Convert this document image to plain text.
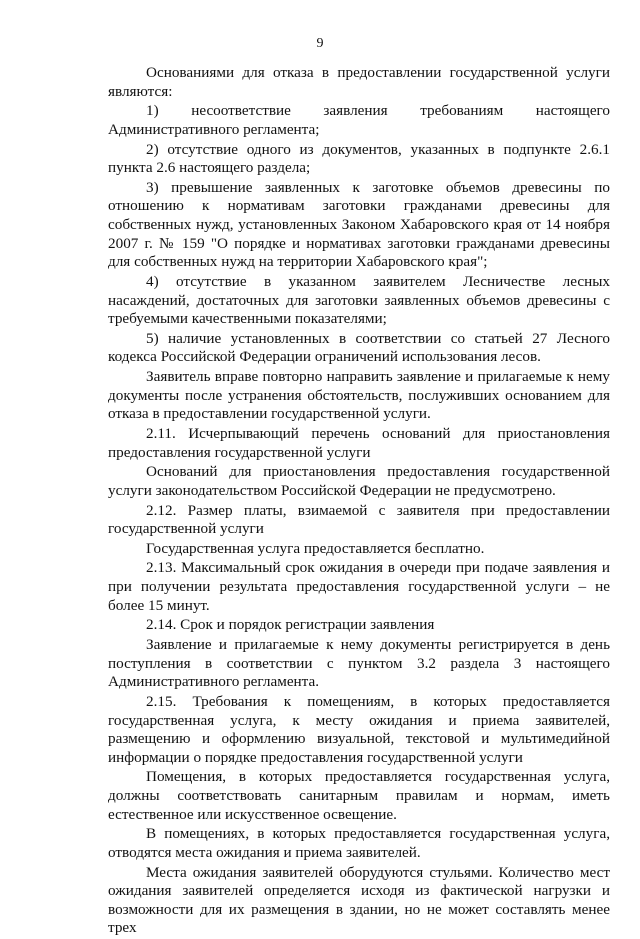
9

Основаниями для отказа в предоставлении государственной услуги являются:

1) несоответствие заявления требованиям настоящего Административного регламента;

2) отсутствие одного из документов, указанных в подпункте 2.6.1 пункта 2.6 настоящего раздела;

3) превышение заявленных к заготовке объемов древесины по отношению к нормативам заготовки гражданами древесины для собственных нужд, установленных Законом Хабаровского края от 14 ноября 2007 г. № 159 "О порядке и нормативах заготовки гражданами древесины для собственных нужд на территории Хабаровского края";

4) отсутствие в указанном заявителем Лесничестве лесных насаждений, достаточных для заготовки заявленных объемов древесины с требуемыми качественными показателями;

5) наличие установленных в соответствии со статьей 27 Лесного кодекса Российской Федерации ограничений использования лесов.

Заявитель вправе повторно направить заявление и прилагаемые к нему документы после устранения обстоятельств, послуживших основанием для отказа в предоставлении государственной услуги.

2.11. Исчерпывающий перечень оснований для приостановления предоставления государственной услуги

Оснований для приостановления предоставления государственной услуги законодательством Российской Федерации не предусмотрено.

2.12. Размер платы, взимаемой с заявителя при предоставлении государственной услуги

Государственная услуга предоставляется бесплатно.

2.13. Максимальный срок ожидания в очереди при подаче заявления и при получении результата предоставления государственной услуги – не более 15 минут.

2.14. Срок и порядок регистрации заявления

Заявление и прилагаемые к нему документы регистрируется в день поступления в соответствии с пунктом 3.2 раздела 3 настоящего Административного регламента.

2.15. Требования к помещениям, в которых предоставляется государственная услуга, к месту ожидания и приема заявителей, размещению и оформлению визуальной, текстовой и мультимедийной информации о порядке предоставления государственной услуги

Помещения, в которых предоставляется государственная услуга, должны соответствовать санитарным правилам и нормам, иметь естественное или искусственное освещение.

В помещениях, в которых предоставляется государственная услуга, отводятся места ожидания и приема заявителей.

Места ожидания заявителей оборудуются стульями. Количество мест ожидания заявителей определяется исходя из фактической нагрузки и возможности для их размещения в здании, но не может составлять менее трех
